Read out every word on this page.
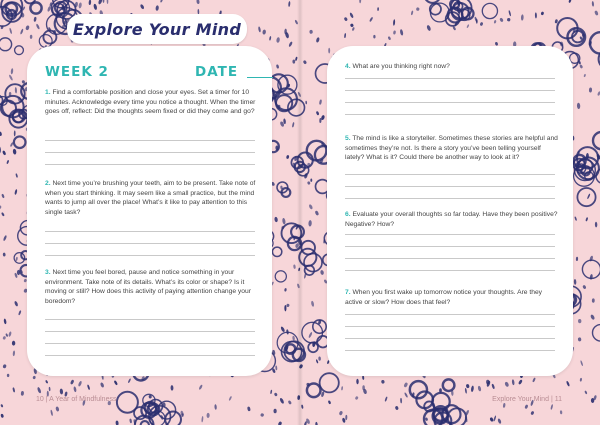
Explore Your Mind
WEEK 2	DATE
1. Find a comfortable position and close your eyes. Set a timer for 10 minutes. Acknowledge every time you notice a thought. When the timer goes off, reflect: Did the thoughts seem fixed or did they come and go?
2. Next time you’re brushing your teeth, aim to be present. Take note of when you start thinking. It may seem like a small practice, but the mind wants to jump all over the place! What’s it like to pay attention to this single task?
3. Next time you feel bored, pause and notice something in your environment. Take note of its details. What’s its color or shape? Is it moving or still? How does this activity of paying attention change your boredom?
4. What are you thinking right now?
5. The mind is like a storyteller. Sometimes these stories are helpful and sometimes they’re not. Is there a story you’ve been telling yourself lately? What is it? Could there be another way to look at it?
6. Evaluate your overall thoughts so far today. Have they been positive? Negative? How?
7. When you first wake up tomorrow notice your thoughts. Are they active or slow? How does that feel?
10 | A Year of Mindfulness	Explore Your Mind | 11
